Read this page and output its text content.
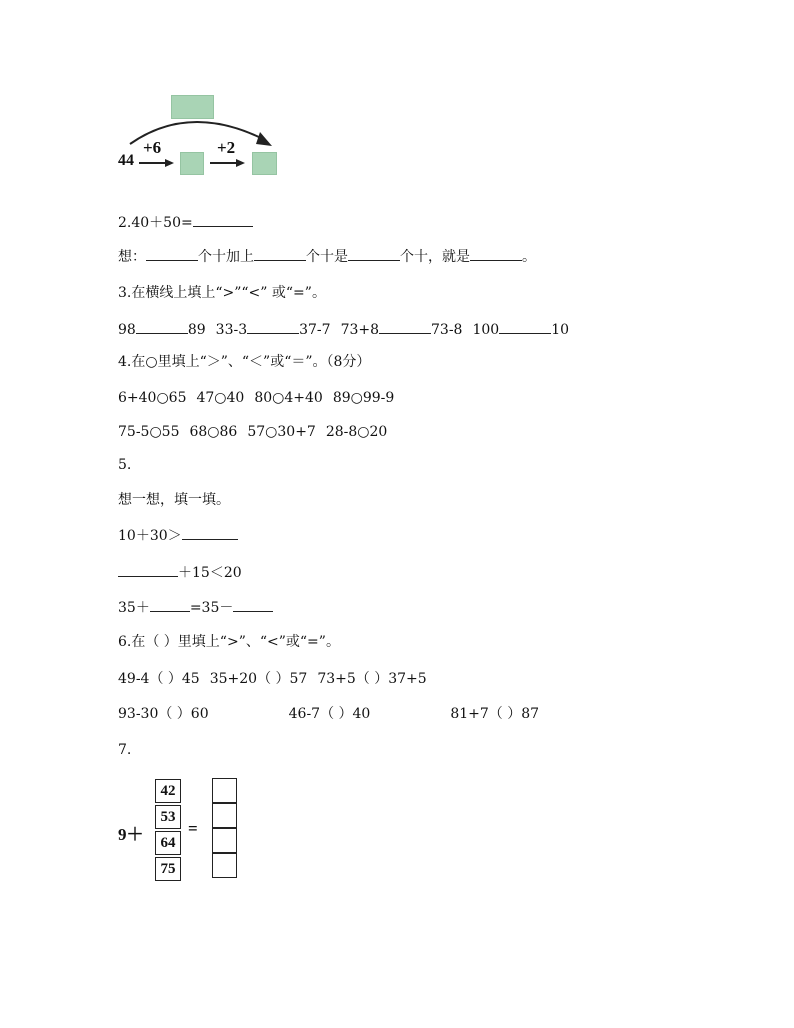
44
+6	+2
2.40＋50=
想：	个十加上	个十是	个十，就是	。
3.在横线上填上“>”“<” 或“=”。
98	89 33-3	37-7 73+8	73-8 100	10
4.在○里填上“＞”、“＜”或“＝”。（8分）
6+40○65 47○40 80○4+40 89○99-9
75-5○55 68○86 57○30+7 28-8○20
5.
想一想，填一填。
10＋30＞
＋15＜20
35＋	=35－
6.在（ ）里填上“>”、“<”或“=”。
49-4（ ）45 35+20（ ）57 73+5（ ）37+5
93-30（ ）60	46-7（ ）40	81+7（ ）87
7.
9＋
42
53
64
75
=
